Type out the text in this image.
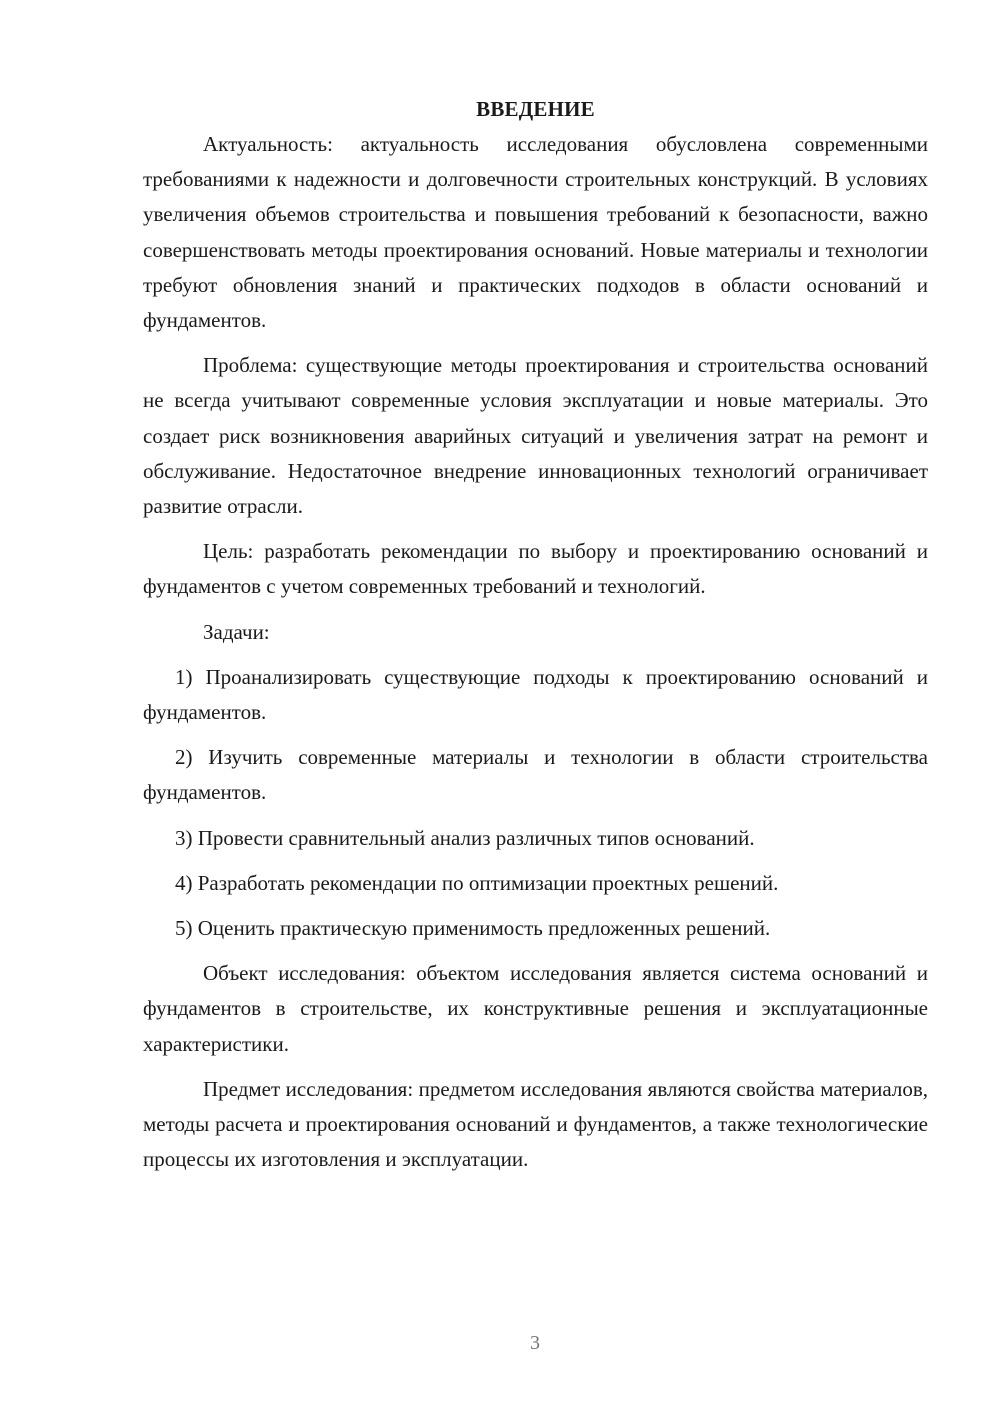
ВВЕДЕНИЕ

Актуальность: актуальность исследования обусловлена современными требованиями к надежности и долговечности строительных конструкций. В условиях увеличения объемов строительства и повышения требований к безопасности, важно совершенствовать методы проектирования оснований. Новые материалы и технологии требуют обновления знаний и практических подходов в области оснований и фундаментов.

Проблема: существующие методы проектирования и строительства оснований не всегда учитывают современные условия эксплуатации и новые материалы. Это создает риск возникновения аварийных ситуаций и увеличения затрат на ремонт и обслуживание. Недостаточное внедрение инновационных технологий ограничивает развитие отрасли.

Цель: разработать рекомендации по выбору и проектированию оснований и фундаментов с учетом современных требований и технологий.

Задачи:

1) Проанализировать существующие подходы к проектированию оснований и фундаментов.

2) Изучить современные материалы и технологии в области строительства фундаментов.

3) Провести сравнительный анализ различных типов оснований.

4) Разработать рекомендации по оптимизации проектных решений.

5) Оценить практическую применимость предложенных решений.

Объект исследования: объектом исследования является система оснований и фундаментов в строительстве, их конструктивные решения и эксплуатационные характеристики.

Предмет исследования: предметом исследования являются свойства материалов, методы расчета и проектирования оснований и фундаментов, а также технологические процессы их изготовления и эксплуатации.

3
